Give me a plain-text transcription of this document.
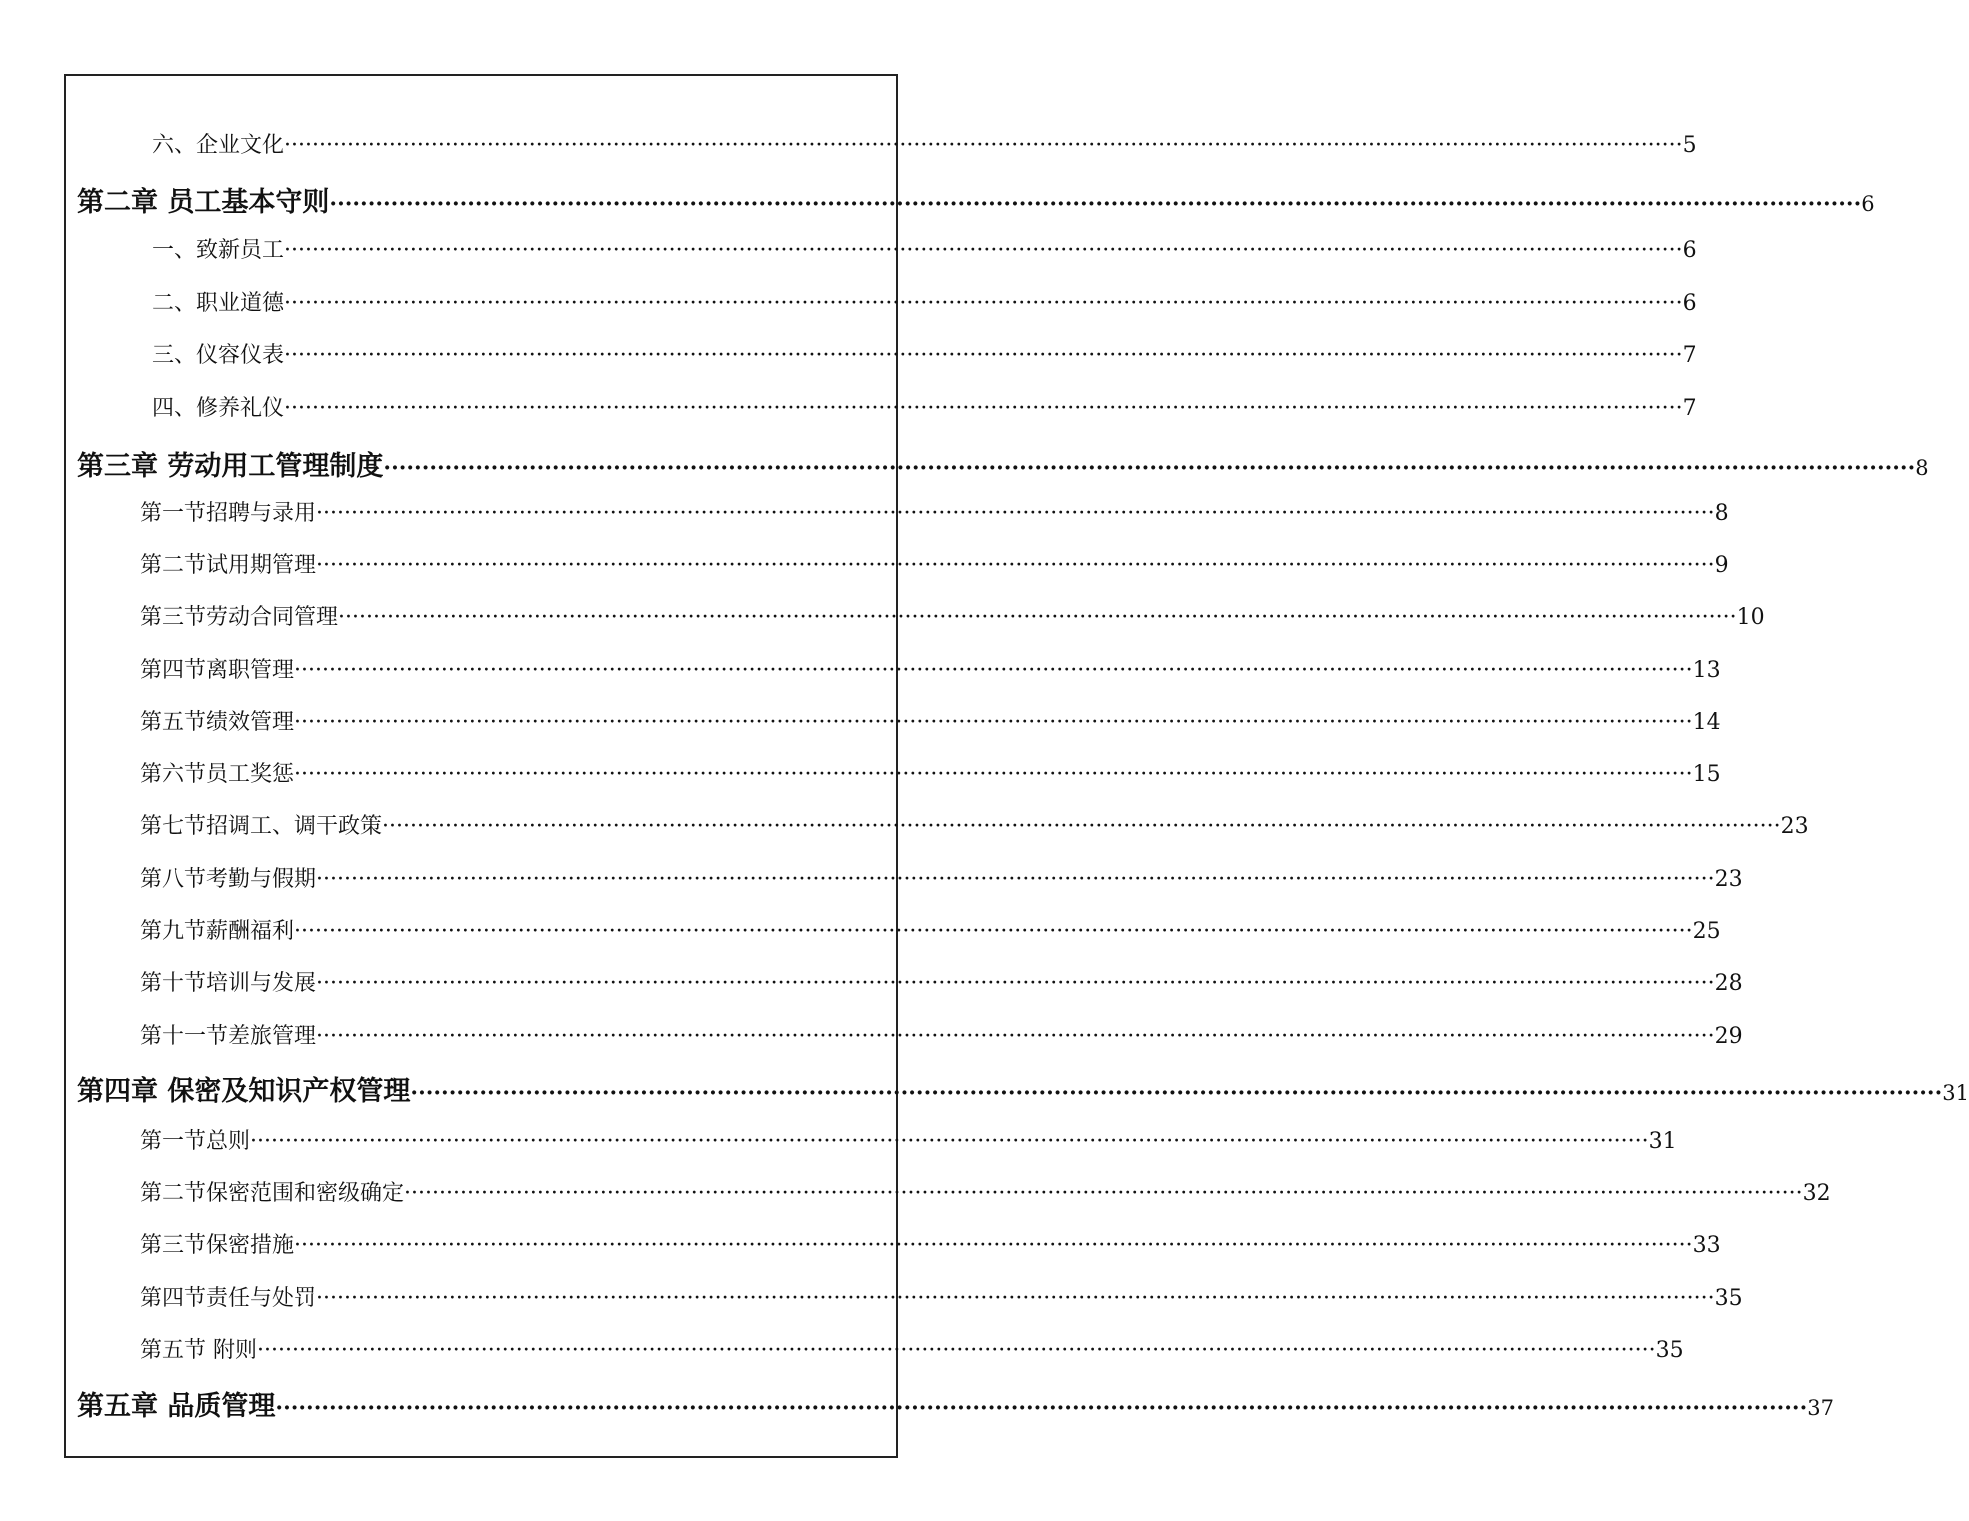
六、企业文化 ········································································································································································································ 5
第二章 员工基本守则 ········································································································································································································ 6
一、致新员工 ········································································································································································································ 6
二、职业道德 ········································································································································································································ 6
三、仪容仪表 ········································································································································································································ 7
四、修养礼仪 ········································································································································································································ 7
第三章 劳动用工管理制度 ········································································································································································································ 8
第一节招聘与录用 ········································································································································································································ 8
第二节试用期管理 ········································································································································································································ 9
第三节劳动合同管理 ········································································································································································································ 10
第四节离职管理 ········································································································································································································ 13
第五节绩效管理 ········································································································································································································ 14
第六节员工奖惩 ········································································································································································································ 15
第七节招调工、调干政策 ········································································································································································································ 23
第八节考勤与假期 ········································································································································································································ 23
第九节薪酬福利 ········································································································································································································ 25
第十节培训与发展 ········································································································································································································ 28
第十一节差旅管理 ········································································································································································································ 29
第四章 保密及知识产权管理 ········································································································································································································ 31
第一节总则 ········································································································································································································ 31
第二节保密范围和密级确定 ········································································································································································································ 32
第三节保密措施 ········································································································································································································ 33
第四节责任与处罚 ········································································································································································································ 35
第五节 附则 ········································································································································································································ 35
第五章 品质管理 ········································································································································································································ 37
